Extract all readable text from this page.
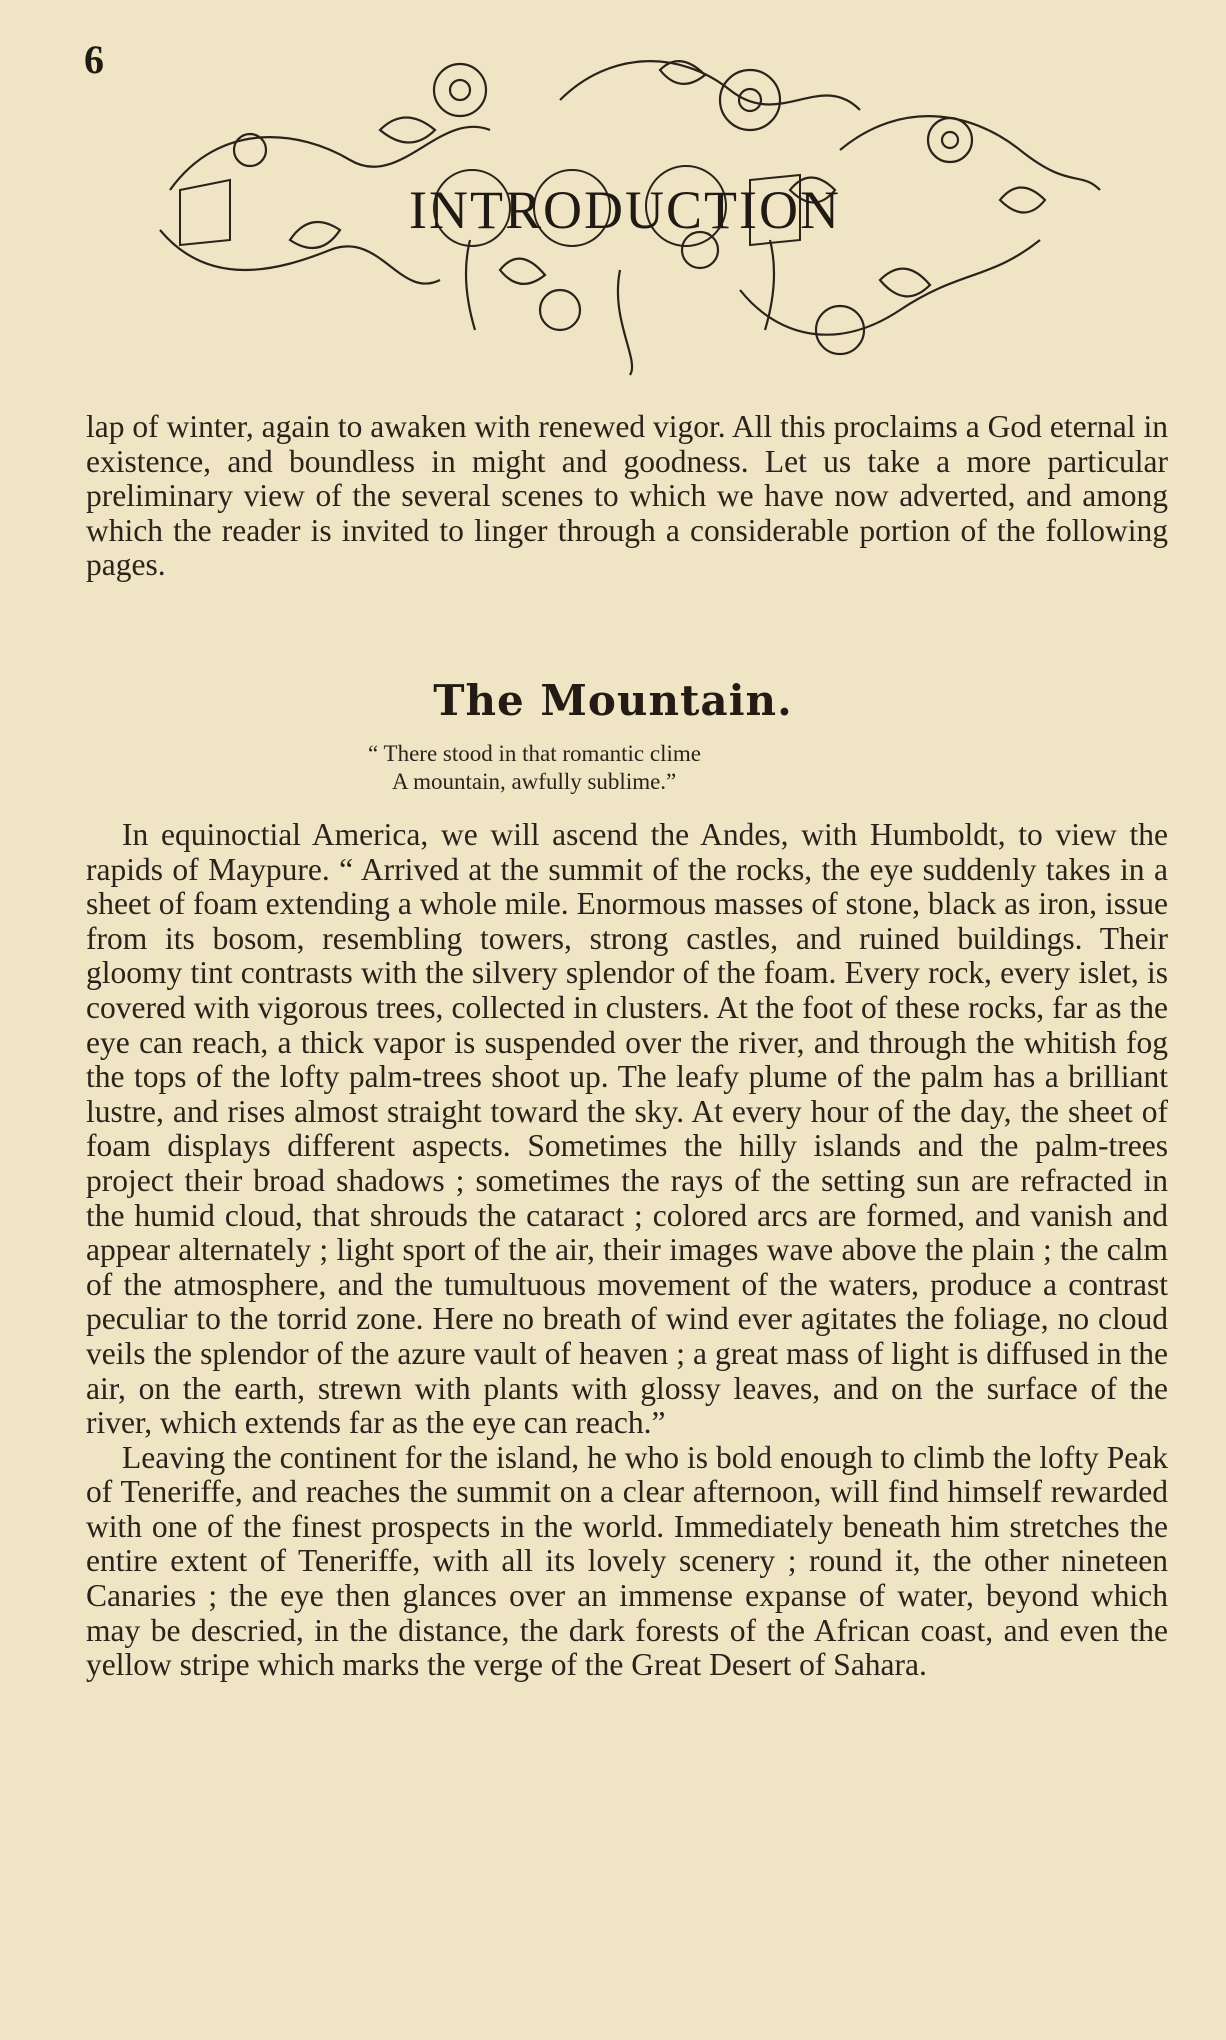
6
INTRODUCTION
lap of winter, again to awaken with renewed vigor. All this proclaims a God eternal in existence, and boundless in might and goodness. Let us take a more particular preliminary view of the several scenes to which we have now adverted, and among which the reader is invited to linger through a considerable portion of the following pages.
The Mountain.
“ There stood in that romantic clime
A mountain, awfully sublime.”

In equinoctial America, we will ascend the Andes, with Humboldt, to view the rapids of Maypure. “ Arrived at the summit of the rocks, the eye suddenly takes in a sheet of foam extending a whole mile. Enormous masses of stone, black as iron, issue from its bosom, resembling towers, strong castles, and ruined buildings. Their gloomy tint contrasts with the silvery splendor of the foam. Every rock, every islet, is covered with vigorous trees, collected in clusters. At the foot of these rocks, far as the eye can reach, a thick vapor is suspended over the river, and through the whitish fog the tops of the lofty palm-trees shoot up. The leafy plume of the palm has a brilliant lustre, and rises almost straight toward the sky. At every hour of the day, the sheet of foam displays different aspects. Sometimes the hilly islands and the palm-trees project their broad shadows ; sometimes the rays of the setting sun are refracted in the humid cloud, that shrouds the cataract ; colored arcs are formed, and vanish and appear alternately ; light sport of the air, their images wave above the plain ; the calm of the atmosphere, and the tumultuous movement of the waters, produce a contrast peculiar to the torrid zone. Here no breath of wind ever agitates the foliage, no cloud veils the splendor of the azure vault of heaven ; a great mass of light is diffused in the air, on the earth, strewn with plants with glossy leaves, and on the surface of the river, which extends far as the eye can reach.”

Leaving the continent for the island, he who is bold enough to climb the lofty Peak of Teneriffe, and reaches the summit on a clear afternoon, will find himself rewarded with one of the finest prospects in the world. Immediately beneath him stretches the entire extent of Teneriffe, with all its lovely scenery ; round it, the other nineteen Canaries ; the eye then glances over an immense expanse of water, beyond which may be descried, in the distance, the dark forests of the African coast, and even the yellow stripe which marks the verge of the Great Desert of Sahara.
